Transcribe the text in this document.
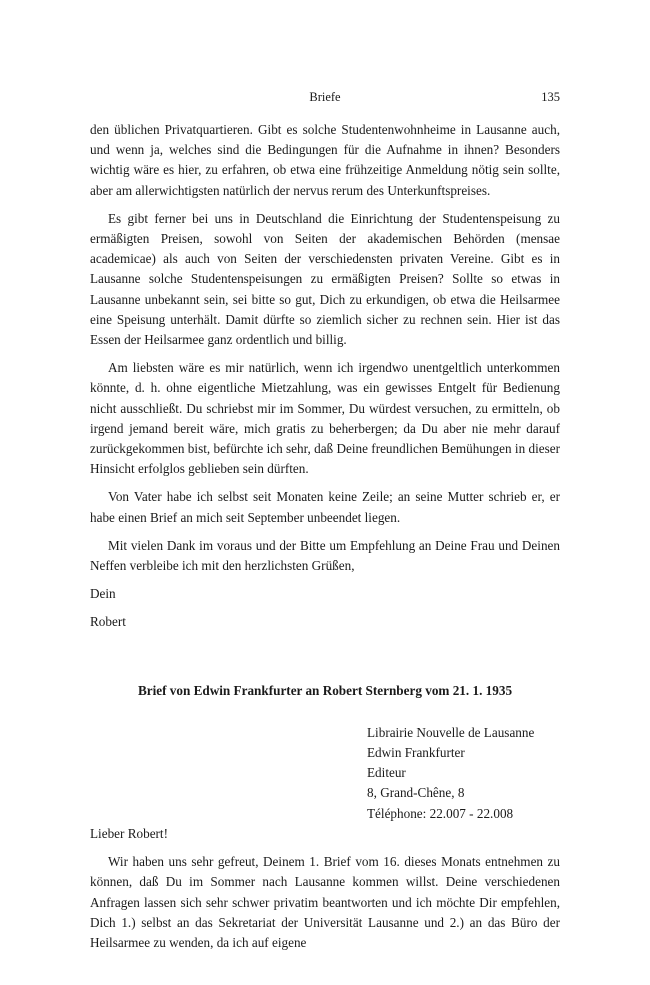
Briefe	135

den üblichen Privatquartieren. Gibt es solche Studentenwohnheime in Lausanne auch, und wenn ja, welches sind die Bedingungen für die Aufnahme in ihnen? Besonders wichtig wäre es hier, zu erfahren, ob etwa eine frühzeitige Anmeldung nötig sein sollte, aber am allerwichtigsten natürlich der nervus rerum des Unterkunftspreises.

Es gibt ferner bei uns in Deutschland die Einrichtung der Studentenspeisung zu ermäßigten Preisen, sowohl von Seiten der akademischen Behörden (mensae academicae) als auch von Seiten der verschiedensten privaten Vereine. Gibt es in Lausanne solche Studentenspeisungen zu ermäßigten Preisen? Sollte so etwas in Lausanne unbekannt sein, sei bitte so gut, Dich zu erkundigen, ob etwa die Heilsarmee eine Speisung unterhält. Damit dürfte so ziemlich sicher zu rechnen sein. Hier ist das Essen der Heilsarmee ganz ordentlich und billig.

Am liebsten wäre es mir natürlich, wenn ich irgendwo unentgeltlich unterkommen könnte, d. h. ohne eigentliche Mietzahlung, was ein gewisses Entgelt für Bedienung nicht ausschließt. Du schriebst mir im Sommer, Du würdest versuchen, zu ermitteln, ob irgend jemand bereit wäre, mich gratis zu beherbergen; da Du aber nie mehr darauf zurückgekommen bist, befürchte ich sehr, daß Deine freundlichen Bemühungen in dieser Hinsicht erfolglos geblieben sein dürften.

Von Vater habe ich selbst seit Monaten keine Zeile; an seine Mutter schrieb er, er habe einen Brief an mich seit September unbeendet liegen.

Mit vielen Dank im voraus und der Bitte um Empfehlung an Deine Frau und Deinen Neffen verbleibe ich mit den herzlichsten Grüßen,

Dein

Robert

Brief von Edwin Frankfurter an Robert Sternberg vom 21. 1. 1935
Librairie Nouvelle de Lausanne
Edwin Frankfurter
Editeur
8, Grand-Chêne, 8
Téléphone: 22.007 - 22.008

Lieber Robert!

Wir haben uns sehr gefreut, Deinem 1. Brief vom 16. dieses Monats entnehmen zu können, daß Du im Sommer nach Lausanne kommen willst. Deine verschiedenen Anfragen lassen sich sehr schwer privatim beantworten und ich möchte Dir empfehlen, Dich 1.) selbst an das Sekretariat der Universität Lausanne und 2.) an das Büro der Heilsarmee zu wenden, da ich auf eigene
